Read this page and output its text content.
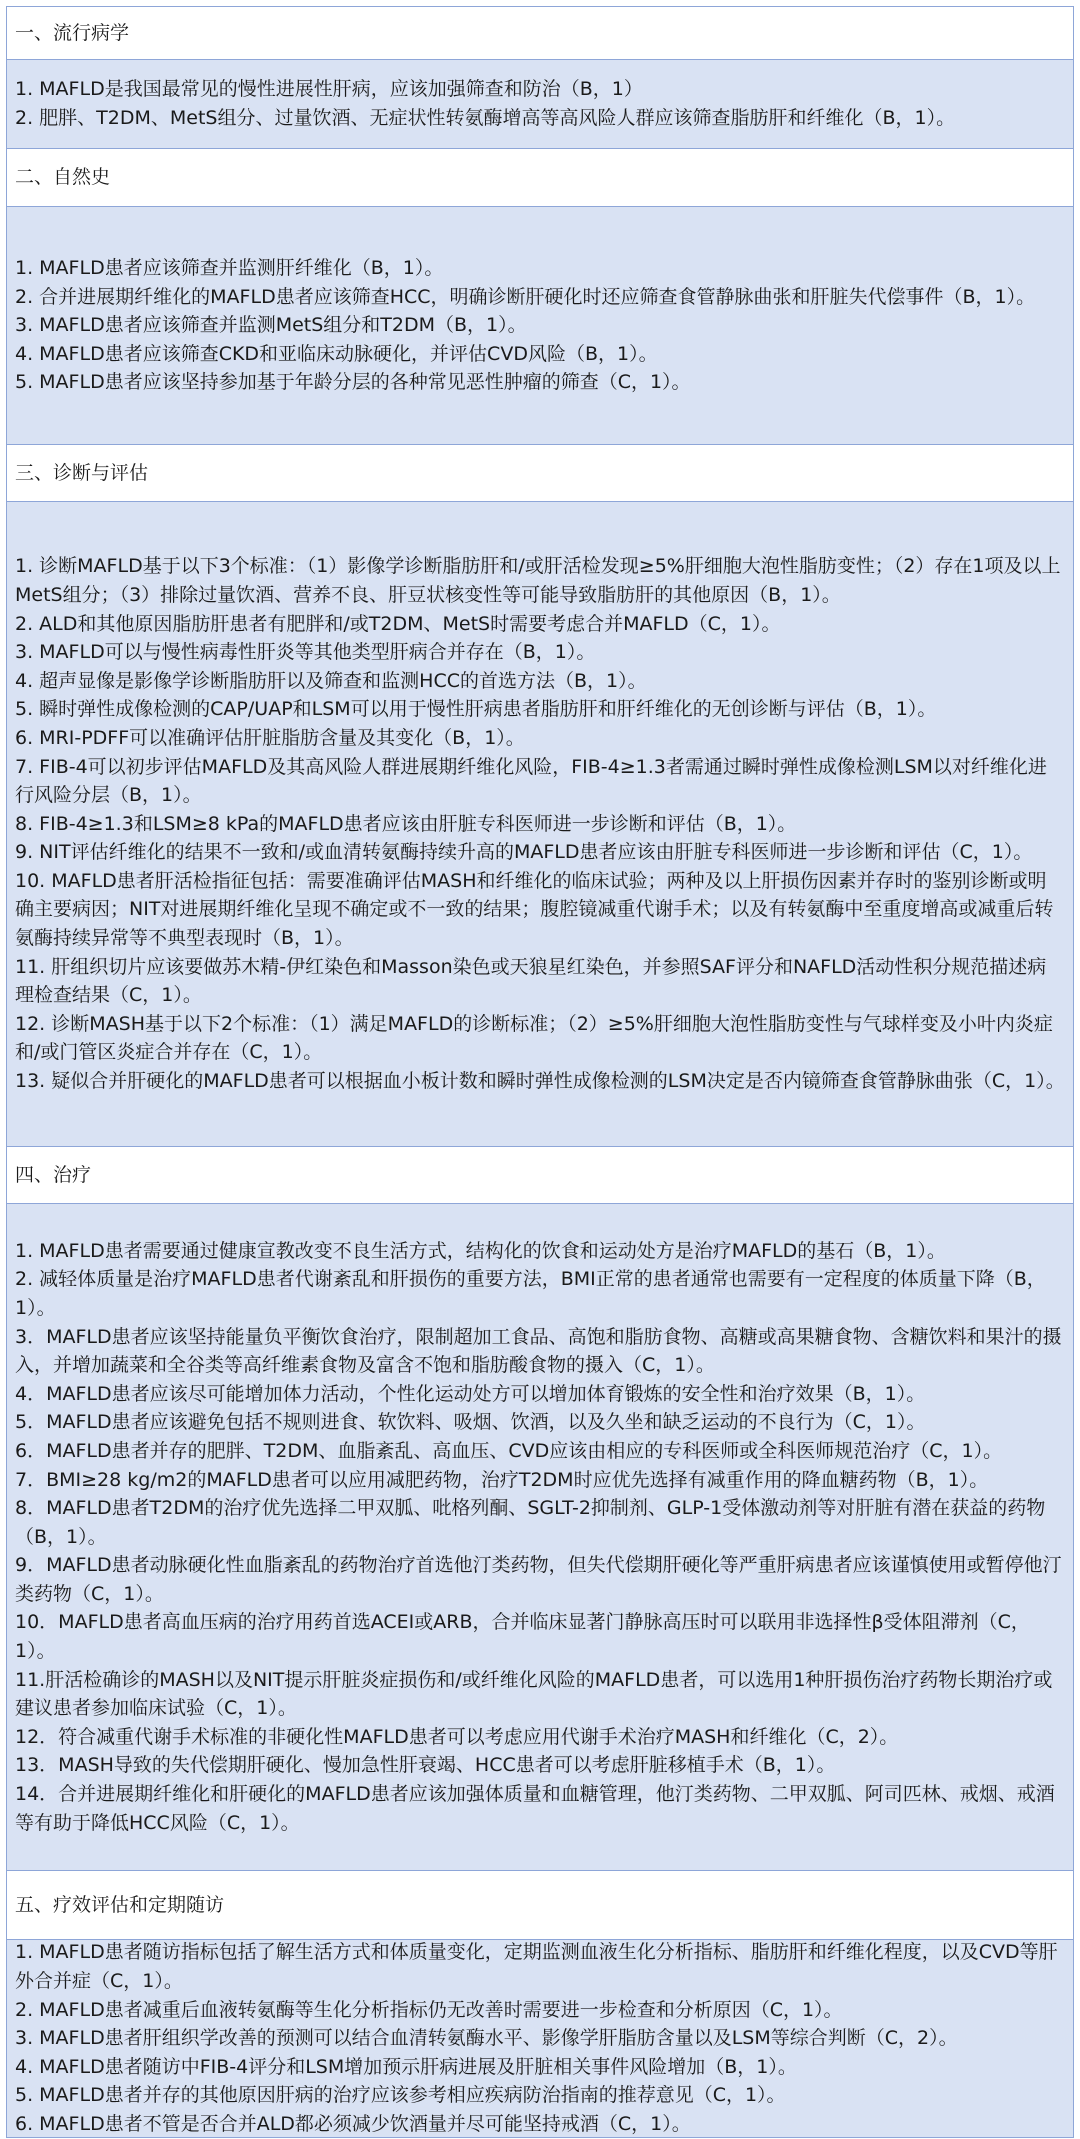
一、流行病学

1. MAFLD是我国最常见的慢性进展性肝病，应该加强筛查和防治（B，1）

2. 肥胖、T2DM、MetS组分、过量饮酒、无症状性转氨酶增高等高风险人群应该筛查脂肪肝和纤维化（B，1）。

二、自然史

1. MAFLD患者应该筛查并监测肝纤维化（B，1）。

2. 合并进展期纤维化的MAFLD患者应该筛查HCC，明确诊断肝硬化时还应筛查食管静脉曲张和肝脏失代偿事件（B，1）。

3. MAFLD患者应该筛查并监测MetS组分和T2DM（B，1）。

4. MAFLD患者应该筛查CKD和亚临床动脉硬化，并评估CVD风险（B，1）。

5. MAFLD患者应该坚持参加基于年龄分层的各种常见恶性肿瘤的筛查（C，1）。

三、诊断与评估

1. 诊断MAFLD基于以下3个标准：（1）影像学诊断脂肪肝和/或肝活检发现≥5%肝细胞大泡性脂肪变性；（2）存在1项及以上MetS组分；（3）排除过量饮酒、营养不良、肝豆状核变性等可能导致脂肪肝的其他原因（B，1）。

2. ALD和其他原因脂肪肝患者有肥胖和/或T2DM、MetS时需要考虑合并MAFLD（C，1）。

3. MAFLD可以与慢性病毒性肝炎等其他类型肝病合并存在（B，1）。

4. 超声显像是影像学诊断脂肪肝以及筛查和监测HCC的首选方法（B，1）。

5. 瞬时弹性成像检测的CAP/UAP和LSM可以用于慢性肝病患者脂肪肝和肝纤维化的无创诊断与评估（B，1）。

6. MRI-PDFF可以准确评估肝脏脂肪含量及其变化（B，1）。

7. FIB-4可以初步评估MAFLD及其高风险人群进展期纤维化风险，FIB-4≥1.3者需通过瞬时弹性成像检测LSM以对纤维化进行风险分层（B，1）。

8. FIB-4≥1.3和LSM≥8 kPa的MAFLD患者应该由肝脏专科医师进一步诊断和评估（B，1）。

9. NIT评估纤维化的结果不一致和/或血清转氨酶持续升高的MAFLD患者应该由肝脏专科医师进一步诊断和评估（C，1）。

10. MAFLD患者肝活检指征包括：需要准确评估MASH和纤维化的临床试验；两种及以上肝损伤因素并存时的鉴别诊断或明确主要病因；NIT对进展期纤维化呈现不确定或不一致的结果；腹腔镜减重代谢手术；以及有转氨酶中至重度增高或减重后转氨酶持续异常等不典型表现时（B，1）。

11. 肝组织切片应该要做苏木精-伊红染色和Masson染色或天狼星红染色，并参照SAF评分和NAFLD活动性积分规范描述病理检查结果（C，1）。

12. 诊断MASH基于以下2个标准：（1）满足MAFLD的诊断标准；（2）≥5%肝细胞大泡性脂肪变性与气球样变及小叶内炎症和/或门管区炎症合并存在（C，1）。

13. 疑似合并肝硬化的MAFLD患者可以根据血小板计数和瞬时弹性成像检测的LSM决定是否内镜筛查食管静脉曲张（C，1）。

四、治疗

1. MAFLD患者需要通过健康宣教改变不良生活方式，结构化的饮食和运动处方是治疗MAFLD的基石（B，1）。

2. 减轻体质量是治疗MAFLD患者代谢紊乱和肝损伤的重要方法，BMI正常的患者通常也需要有一定程度的体质量下降（B，1）。

3．MAFLD患者应该坚持能量负平衡饮食治疗，限制超加工食品、高饱和脂肪食物、高糖或高果糖食物、含糖饮料和果汁的摄入，并增加蔬菜和全谷类等高纤维素食物及富含不饱和脂肪酸食物的摄入（C，1）。

4．MAFLD患者应该尽可能增加体力活动，个性化运动处方可以增加体育锻炼的安全性和治疗效果（B，1）。

5．MAFLD患者应该避免包括不规则进食、软饮料、吸烟、饮酒，以及久坐和缺乏运动的不良行为（C，1）。

6．MAFLD患者并存的肥胖、T2DM、血脂紊乱、高血压、CVD应该由相应的专科医师或全科医师规范治疗（C，1）。

7．BMI≥28 kg/m2的MAFLD患者可以应用减肥药物，治疗T2DM时应优先选择有减重作用的降血糖药物（B，1）。

8．MAFLD患者T2DM的治疗优先选择二甲双胍、吡格列酮、SGLT-2抑制剂、GLP-1受体激动剂等对肝脏有潜在获益的药物（B，1）。

9．MAFLD患者动脉硬化性血脂紊乱的药物治疗首选他汀类药物，但失代偿期肝硬化等严重肝病患者应该谨慎使用或暂停他汀类药物（C，1）。

10．MAFLD患者高血压病的治疗用药首选ACEI或ARB，合并临床显著门静脉高压时可以联用非选择性β受体阻滞剂（C，1）。

11.肝活检确诊的MASH以及NIT提示肝脏炎症损伤和/或纤维化风险的MAFLD患者，可以选用1种肝损伤治疗药物长期治疗或建议患者参加临床试验（C，1）。

12．符合减重代谢手术标准的非硬化性MAFLD患者可以考虑应用代谢手术治疗MASH和纤维化（C，2）。

13．MASH导致的失代偿期肝硬化、慢加急性肝衰竭、HCC患者可以考虑肝脏移植手术（B，1）。

14．合并进展期纤维化和肝硬化的MAFLD患者应该加强体质量和血糖管理，他汀类药物、二甲双胍、阿司匹林、戒烟、戒酒等有助于降低HCC风险（C，1）。

五、疗效评估和定期随访

1. MAFLD患者随访指标包括了解生活方式和体质量变化，定期监测血液生化分析指标、脂肪肝和纤维化程度，以及CVD等肝外合并症（C，1）。

2. MAFLD患者减重后血液转氨酶等生化分析指标仍无改善时需要进一步检查和分析原因（C，1）。

3. MAFLD患者肝组织学改善的预测可以结合血清转氨酶水平、影像学肝脂肪含量以及LSM等综合判断（C，2）。

4. MAFLD患者随访中FIB-4评分和LSM增加预示肝病进展及肝脏相关事件风险增加（B，1）。

5. MAFLD患者并存的其他原因肝病的治疗应该参考相应疾病防治指南的推荐意见（C，1）。

6. MAFLD患者不管是否合并ALD都必须减少饮酒量并尽可能坚持戒酒（C，1）。
